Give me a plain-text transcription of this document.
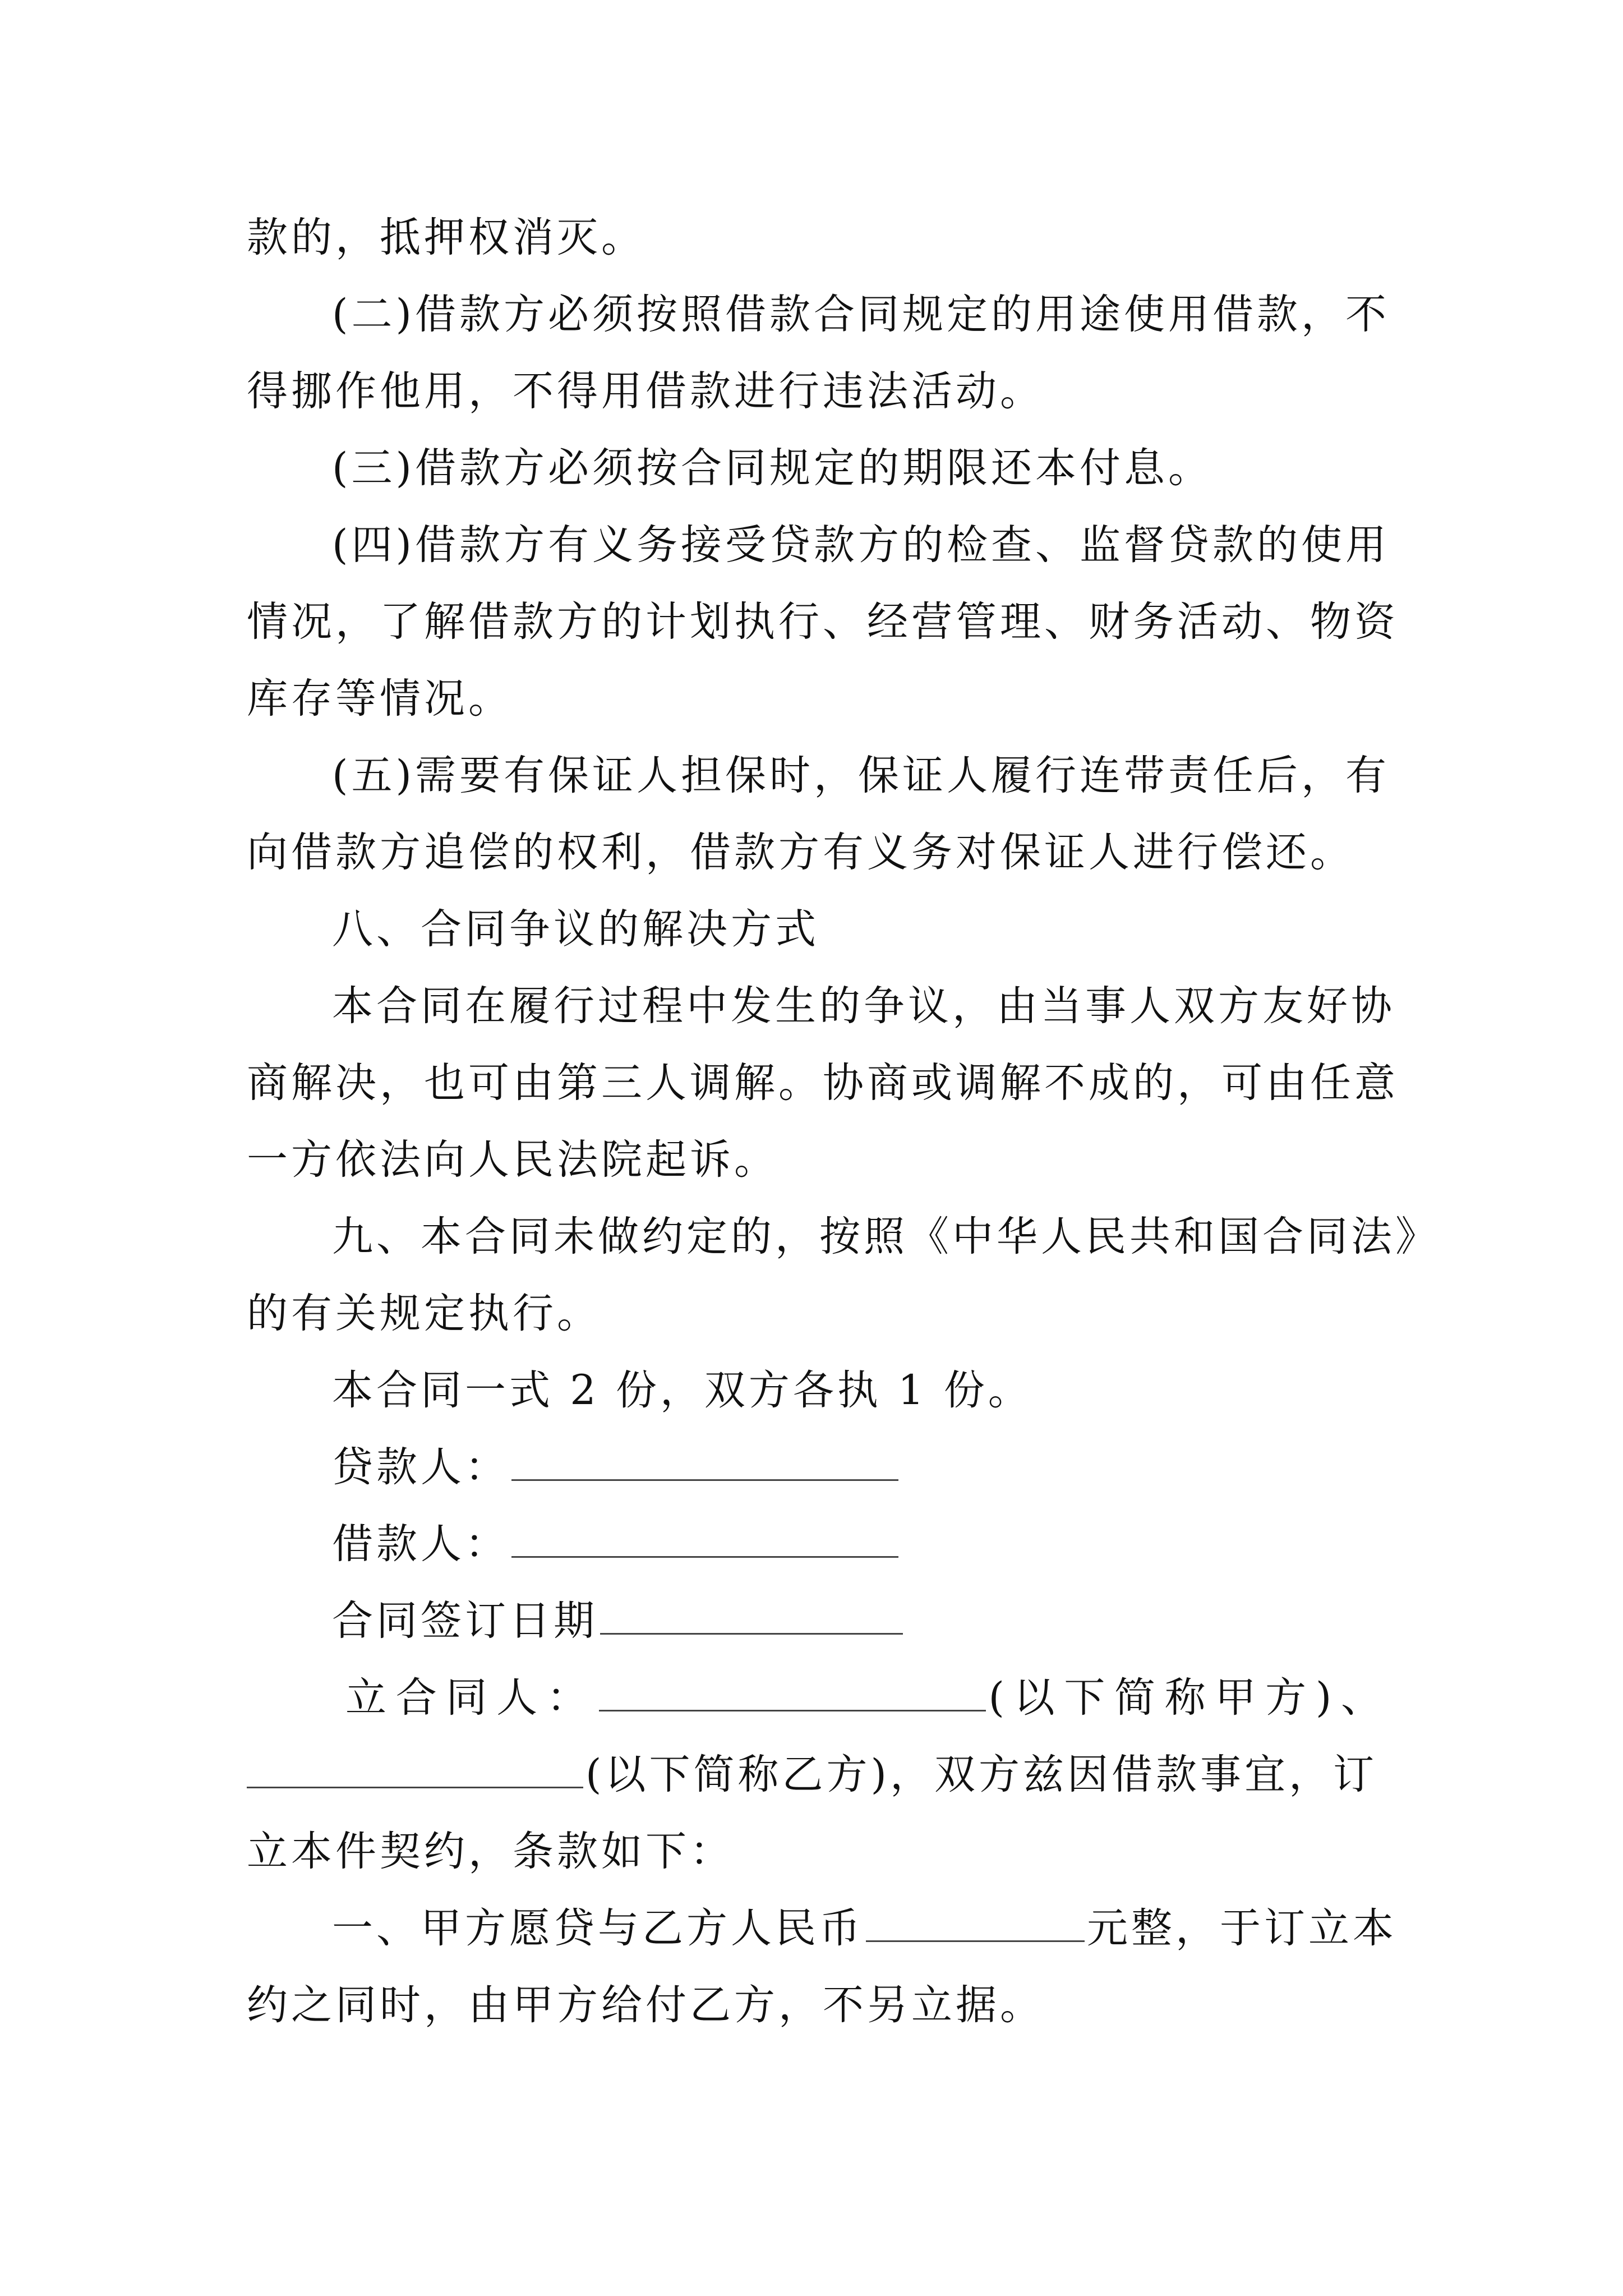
款的，抵押权消灭。
(二)借款方必须按照借款合同规定的用途使用借款，不
得挪作他用，不得用借款进行违法活动。
(三)借款方必须按合同规定的期限还本付息。
(四)借款方有义务接受贷款方的检查、监督贷款的使用
情况，了解借款方的计划执行、经营管理、财务活动、物资
库存等情况。
(五)需要有保证人担保时，保证人履行连带责任后，有
向借款方追偿的权利，借款方有义务对保证人进行偿还。
八、合同争议的解决方式
本合同在履行过程中发生的争议，由当事人双方友好协
商解决，也可由第三人调解。协商或调解不成的，可由任意
一方依法向人民法院起诉。
九、本合同未做约定的，按照《中华人民共和国合同法》
的有关规定执行。
本合同一式 2 份，双方各执 1 份。
贷款人：
借款人：
合同签订日期
立合同人：	(以下简称甲方)、
(以下简称乙方)，双方兹因借款事宜，订
立本件契约，条款如下：
一、甲方愿贷与乙方人民币	元整，于订立本
约之同时，由甲方给付乙方，不另立据。
